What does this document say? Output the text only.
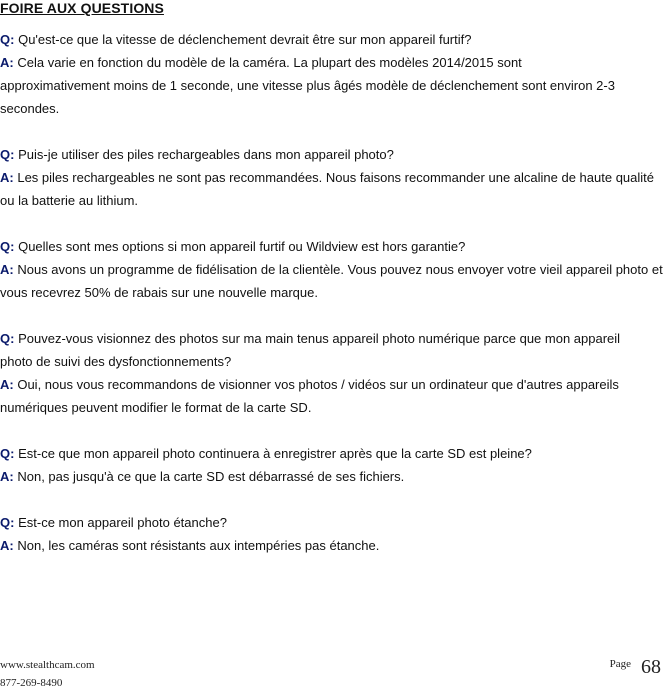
FOIRE AUX QUESTIONS
Q: Qu'est-ce que la vitesse de déclenchement devrait être sur mon appareil furtif?
A: Cela varie en fonction du modèle de la caméra. La plupart des modèles 2014/2015 sont approximativement moins de 1 seconde, une vitesse plus âgés modèle de déclenchement sont environ 2-3 secondes.
Q: Puis-je utiliser des piles rechargeables dans mon appareil photo?
A: Les piles rechargeables ne sont pas recommandées. Nous faisons recommander une alcaline de haute qualité ou la batterie au lithium.
Q: Quelles sont mes options si mon appareil furtif ou Wildview est hors garantie?
A: Nous avons un programme de fidélisation de la clientèle. Vous pouvez nous envoyer votre vieil appareil photo et vous recevrez 50% de rabais sur une nouvelle marque.
Q: Pouvez-vous visionnez des photos sur ma main tenus appareil photo numérique parce que mon appareil photo de suivi des dysfonctionnements?
A: Oui, nous vous recommandons de visionner vos photos / vidéos sur un ordinateur que d'autres appareils numériques peuvent modifier le format de la carte SD.
Q: Est-ce que mon appareil photo continuera à enregistrer après que la carte SD est pleine?
A: Non, pas jusqu'à ce que la carte SD est débarrassé de ses fichiers.
Q: Est-ce mon appareil photo étanche?
A: Non, les caméras sont résistants aux intempéries pas étanche.
www.stealthcam.com
877-269-8490
$^{Page}$ 68
